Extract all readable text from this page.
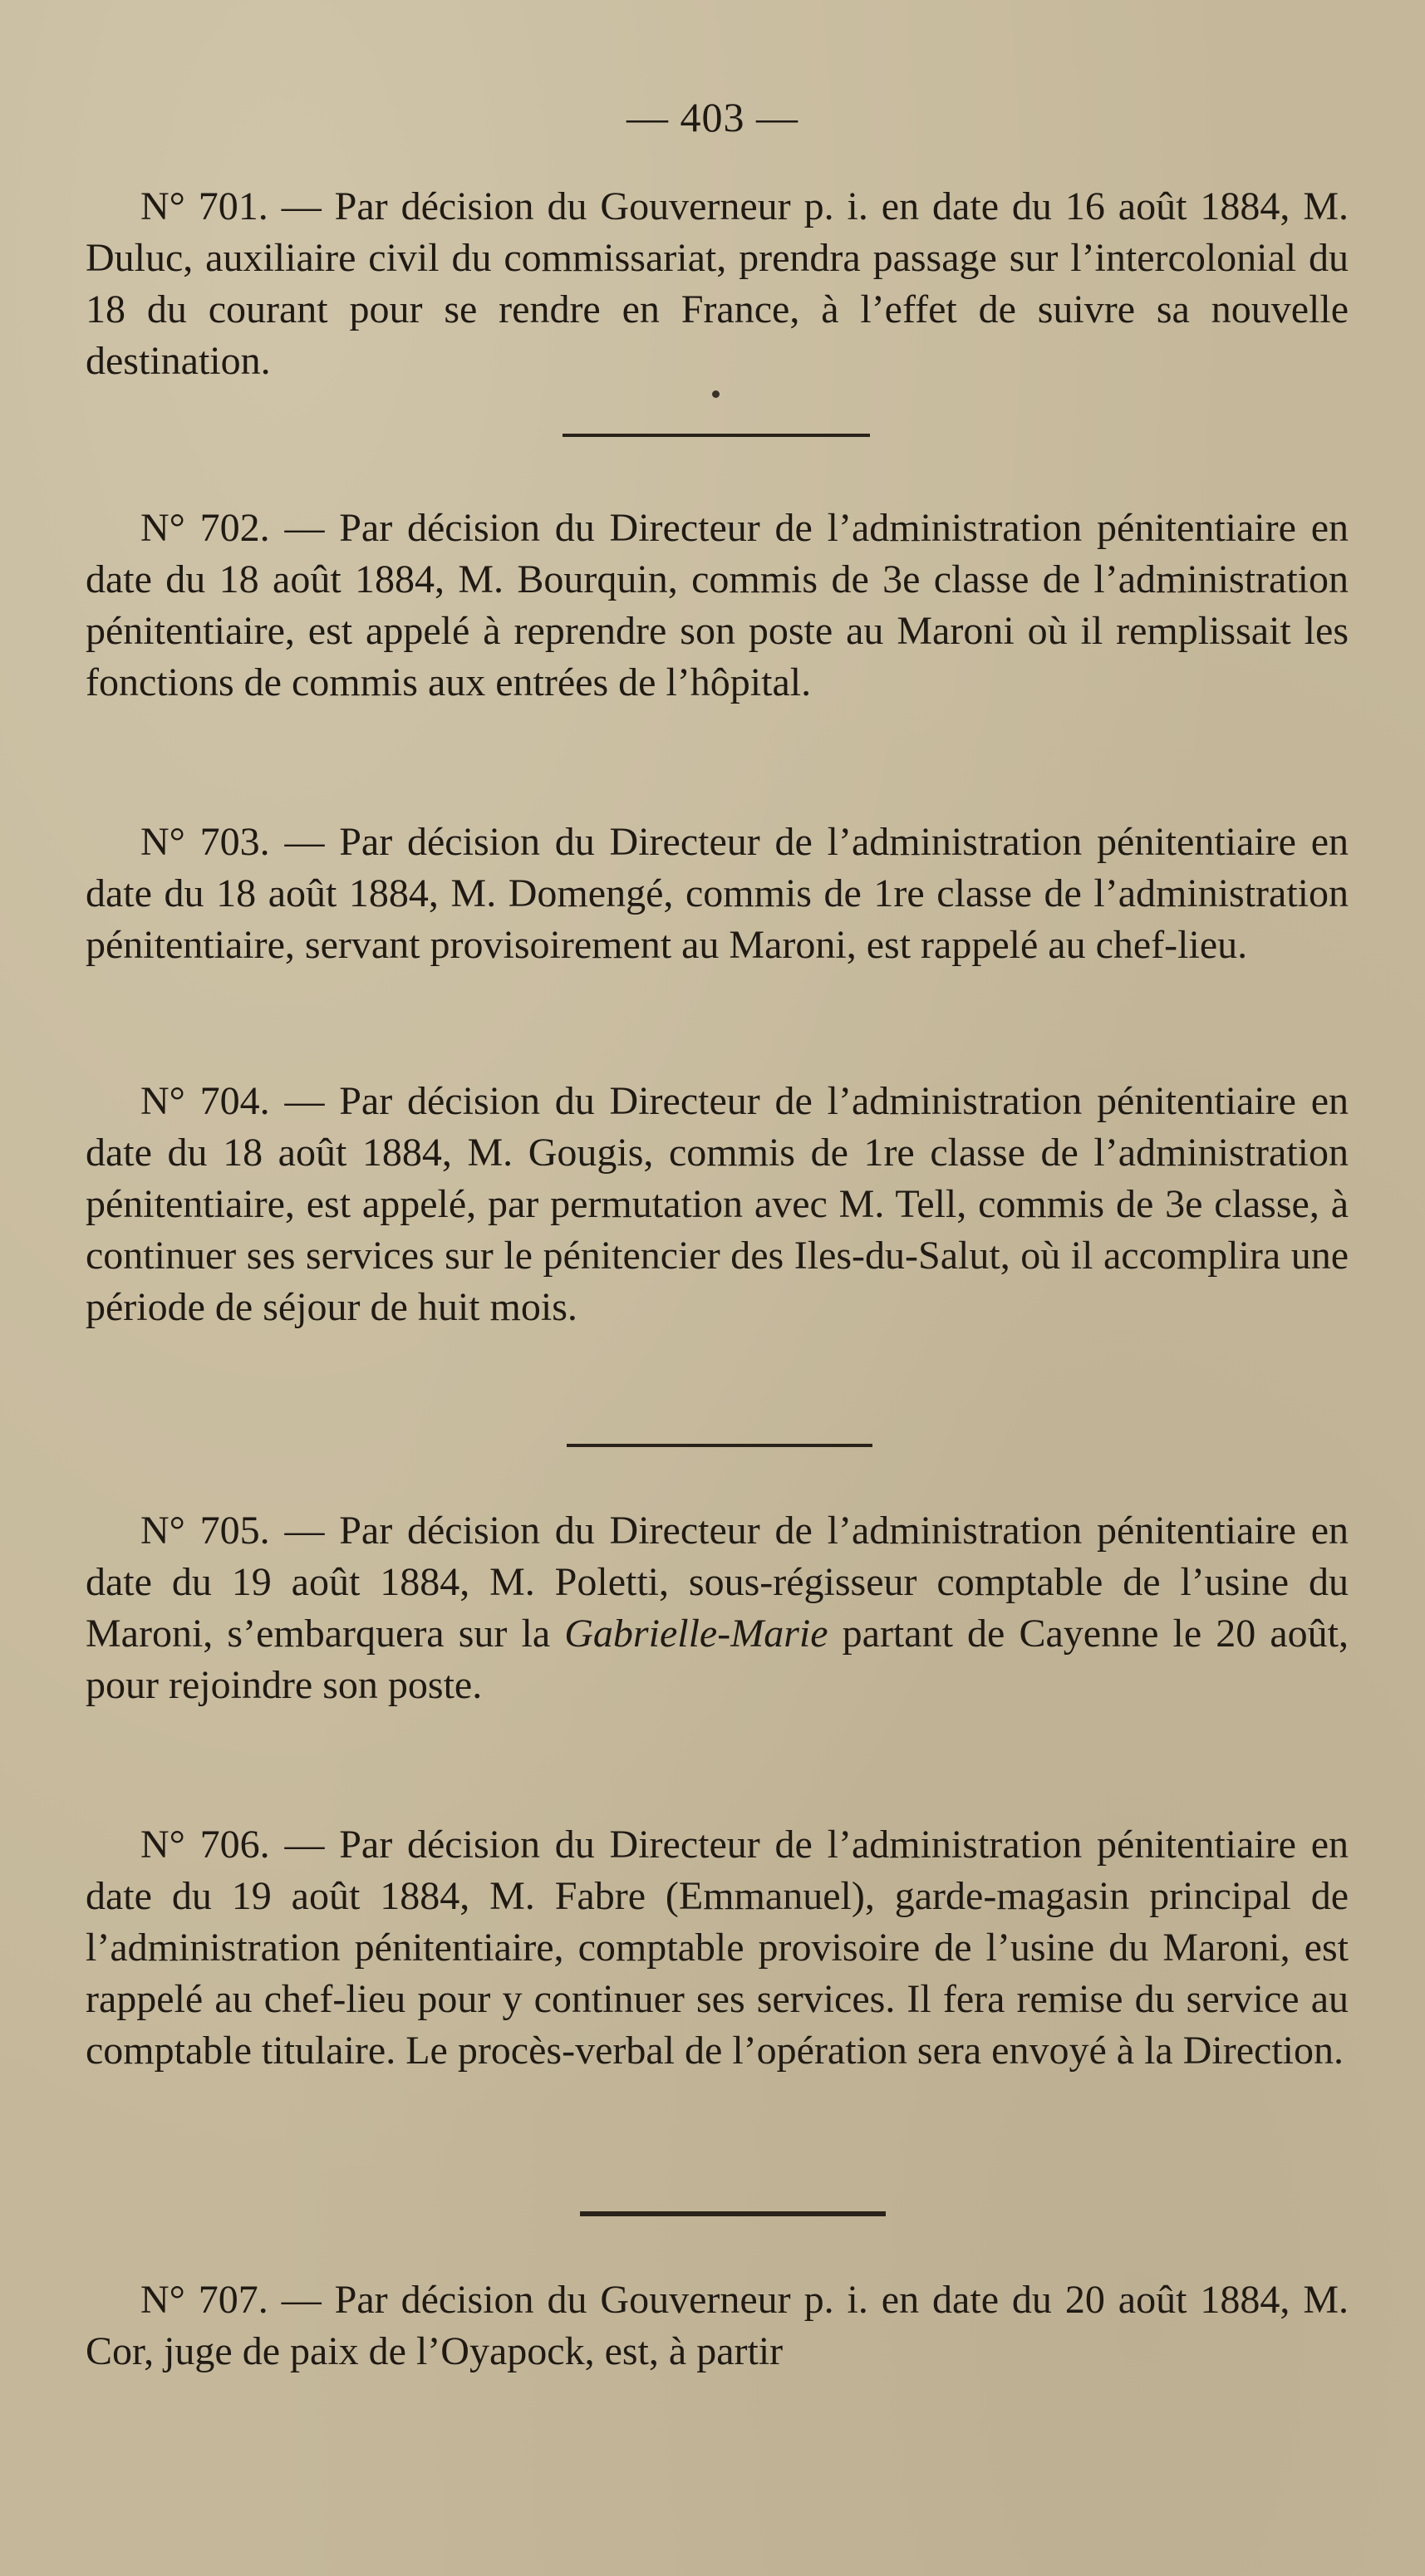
— 403 —

N° 701. — Par décision du Gouverneur p. i. en date du 16 août 1884, M. Duluc, auxiliaire civil du commissariat, prendra passage sur l’intercolonial du 18 du courant pour se rendre en France, à l’effet de suivre sa nouvelle destination.

N° 702. — Par décision du Directeur de l’administration pénitentiaire en date du 18 août 1884, M. Bourquin, commis de 3e classe de l’administration pénitentiaire, est appelé à reprendre son poste au Maroni où il remplissait les fonctions de commis aux entrées de l’hôpital.

N° 703. — Par décision du Directeur de l’administration pénitentiaire en date du 18 août 1884, M. Domengé, commis de 1re classe de l’administration pénitentiaire, servant provisoirement au Maroni, est rappelé au chef-lieu.

N° 704. — Par décision du Directeur de l’administration pénitentiaire en date du 18 août 1884, M. Gougis, commis de 1re classe de l’administration pénitentiaire, est appelé, par permutation avec M. Tell, commis de 3e classe, à continuer ses services sur le pénitencier des Iles-du-Salut, où il accomplira une période de séjour de huit mois.

N° 705. — Par décision du Directeur de l’administration pénitentiaire en date du 19 août 1884, M. Poletti, sous-régisseur comptable de l’usine du Maroni, s’embarquera sur la Gabrielle-Marie partant de Cayenne le 20 août, pour rejoindre son poste.

N° 706. — Par décision du Directeur de l’administration pénitentiaire en date du 19 août 1884, M. Fabre (Emmanuel), garde-magasin principal de l’administration pénitentiaire, comptable provisoire de l’usine du Maroni, est rappelé au chef-lieu pour y continuer ses services. Il fera remise du service au comptable titulaire. Le procès-verbal de l’opération sera envoyé à la Direction.

N° 707. — Par décision du Gouverneur p. i. en date du 20 août 1884, M. Cor, juge de paix de l’Oyapock, est, à partir
